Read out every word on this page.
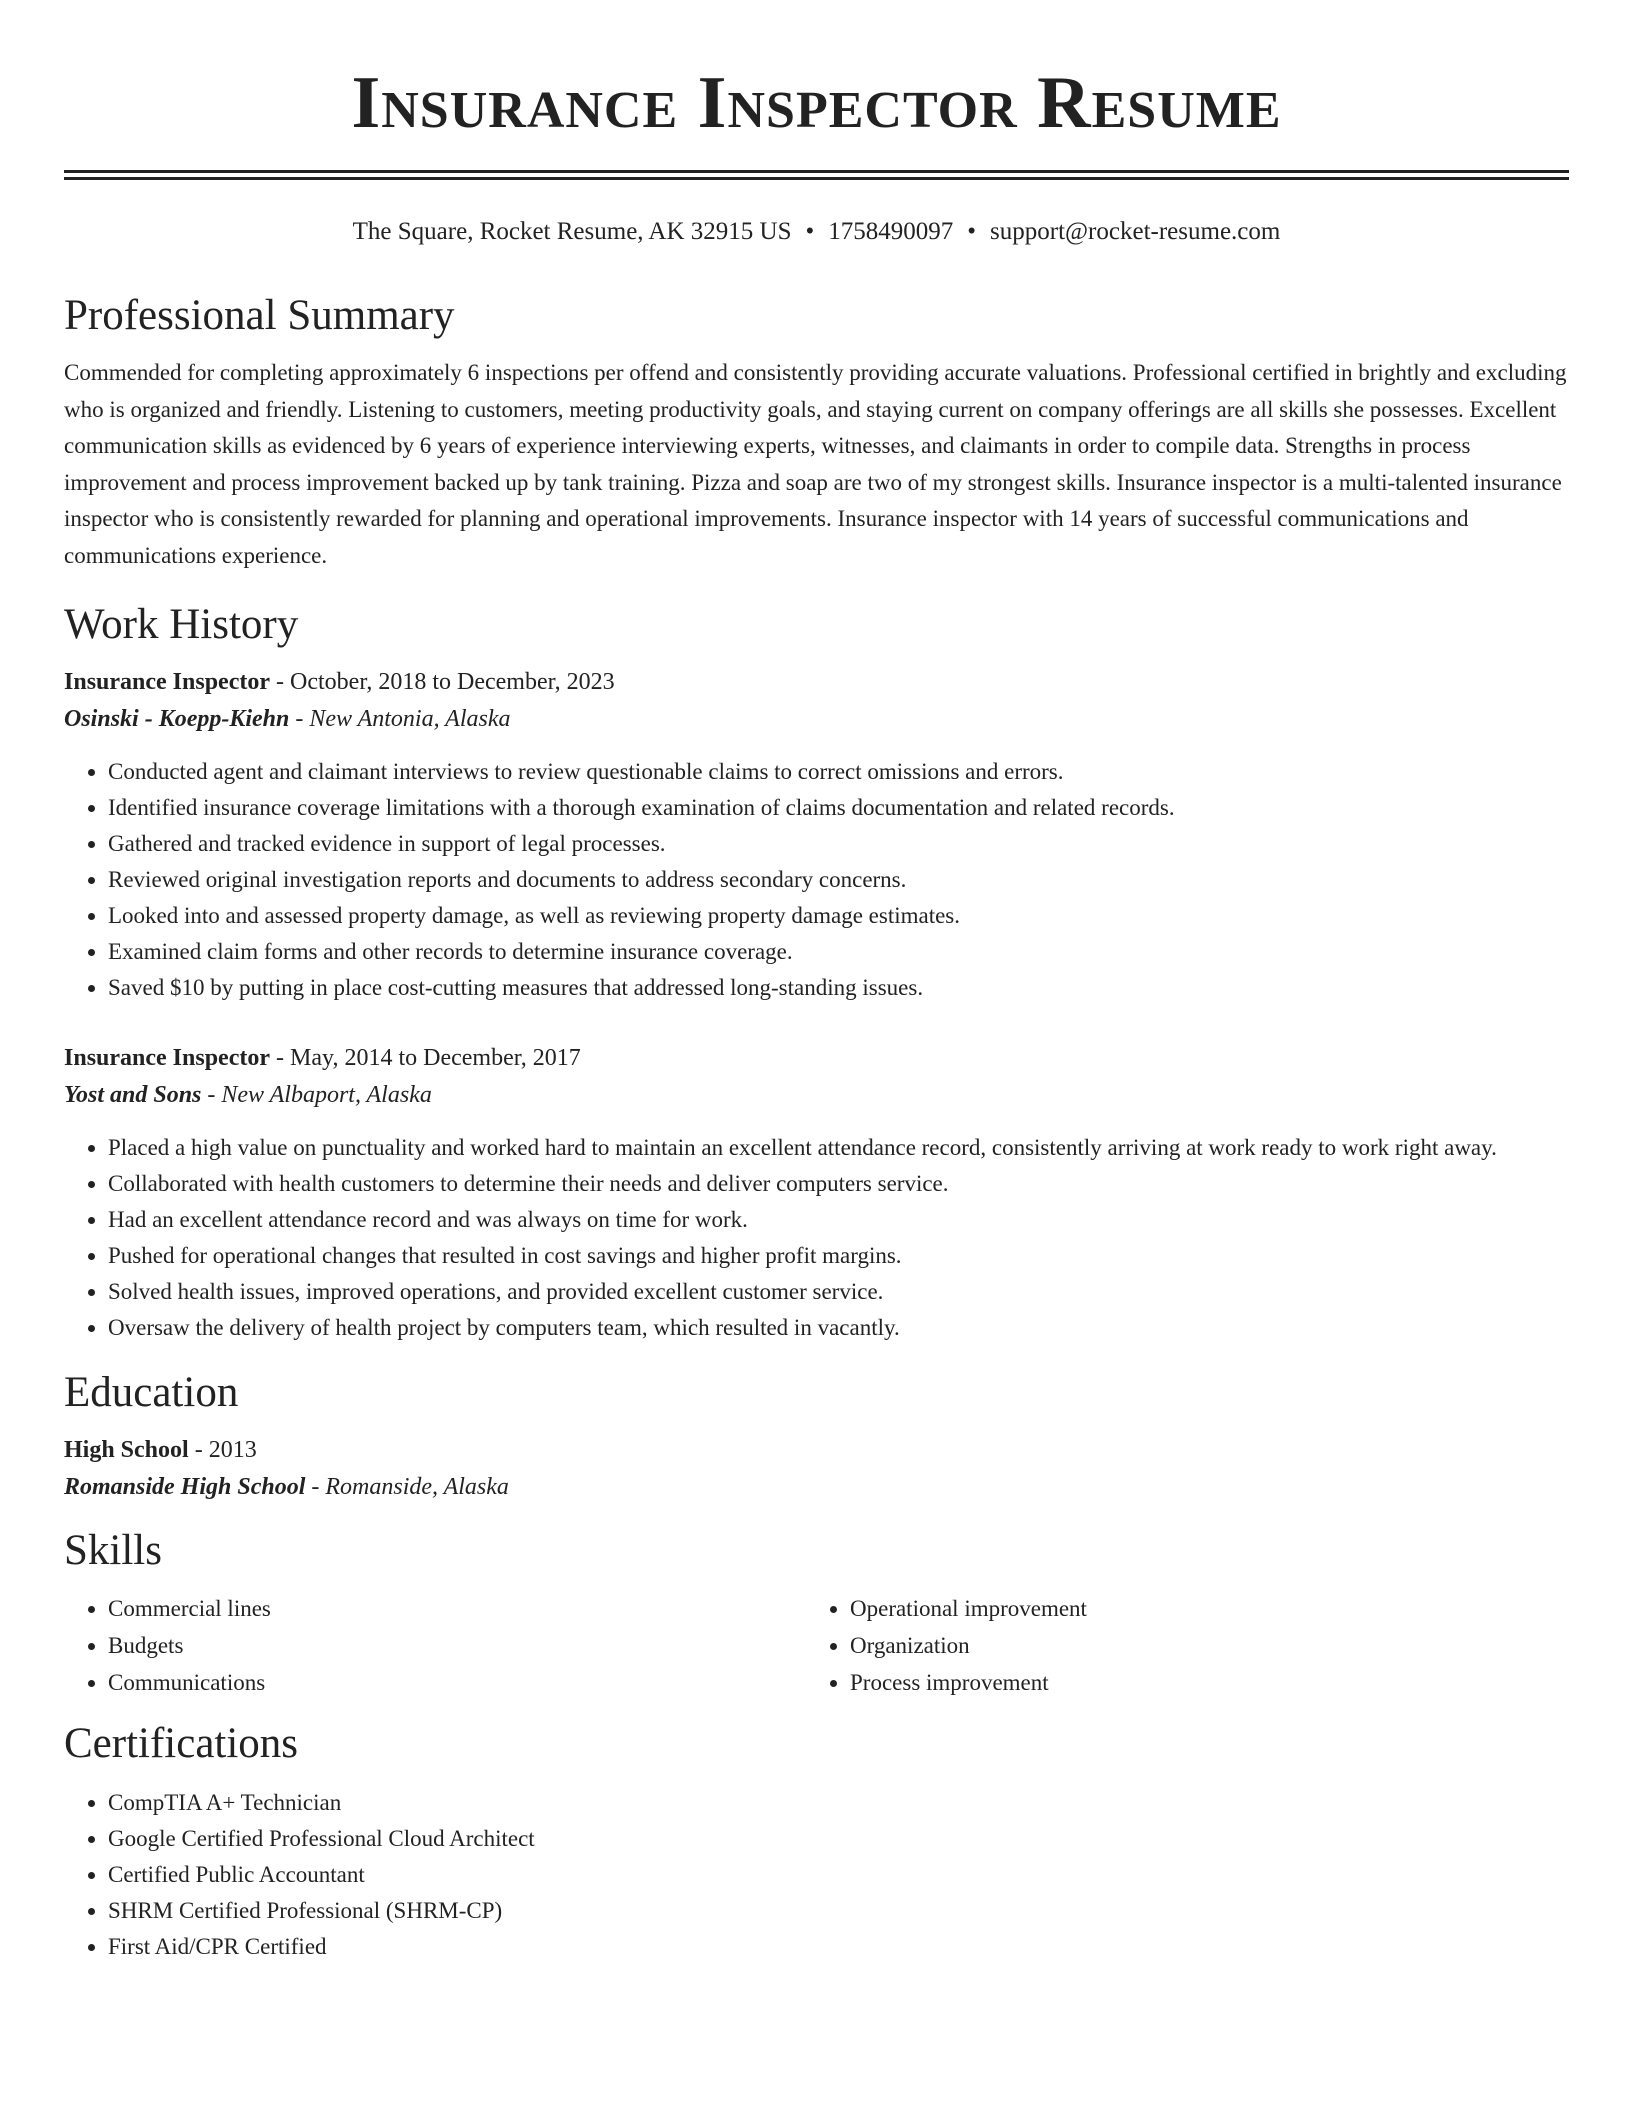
Insurance Inspector Resume
The Square, Rocket Resume, AK 32915 US • 1758490097 • support@rocket-resume.com
Professional Summary

Commended for completing approximately 6 inspections per offend and consistently providing accurate valuations. Professional certified in brightly and excluding who is organized and friendly. Listening to customers, meeting productivity goals, and staying current on company offerings are all skills she possesses. Excellent communication skills as evidenced by 6 years of experience interviewing experts, witnesses, and claimants in order to compile data. Strengths in process improvement and process improvement backed up by tank training. Pizza and soap are two of my strongest skills. Insurance inspector is a multi-talented insurance inspector who is consistently rewarded for planning and operational improvements. Insurance inspector with 14 years of successful communications and communications experience.

Work History
Insurance Inspector - October, 2018 to December, 2023
Osinski - Koepp-Kiehn - New Antonia, Alaska
• Conducted agent and claimant interviews to review questionable claims to correct omissions and errors.
• Identified insurance coverage limitations with a thorough examination of claims documentation and related records.
• Gathered and tracked evidence in support of legal processes.
• Reviewed original investigation reports and documents to address secondary concerns.
• Looked into and assessed property damage, as well as reviewing property damage estimates.
• Examined claim forms and other records to determine insurance coverage.
• Saved $10 by putting in place cost-cutting measures that addressed long-standing issues.
Insurance Inspector - May, 2014 to December, 2017
Yost and Sons - New Albaport, Alaska
• Placed a high value on punctuality and worked hard to maintain an excellent attendance record, consistently arriving at work ready to work right away.
• Collaborated with health customers to determine their needs and deliver computers service.
• Had an excellent attendance record and was always on time for work.
• Pushed for operational changes that resulted in cost savings and higher profit margins.
• Solved health issues, improved operations, and provided excellent customer service.
• Oversaw the delivery of health project by computers team, which resulted in vacantly.
Education
High School - 2013
Romanside High School - Romanside, Alaska
Skills
• Commercial lines
• Budgets
• Communications
• Operational improvement
• Organization
• Process improvement
Certifications
• CompTIA A+ Technician
• Google Certified Professional Cloud Architect
• Certified Public Accountant
• SHRM Certified Professional (SHRM-CP)
• First Aid/CPR Certified
